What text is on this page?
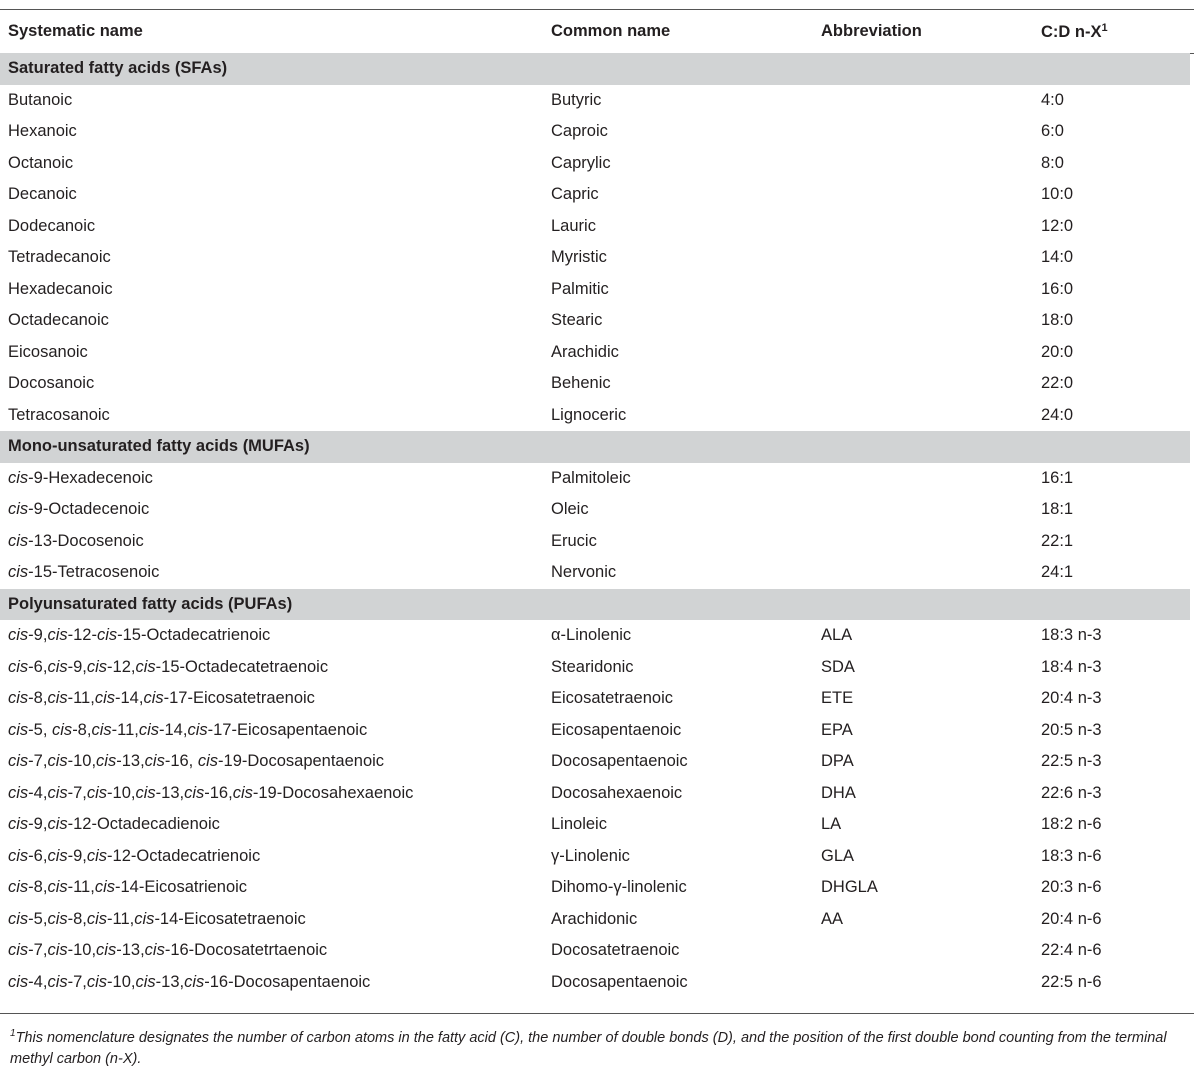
Systematic name	Common name	Abbreviation	C:D $n-X^1$
Saturated fatty acids (SFAs)			
Butanoic	Butyric		4:0
Hexanoic	Caproic		6:0
Octanoic	Caprylic		8:0
Decanoic	Capric		10:0
Dodecanoic	Lauric		12:0
Tetradecanoic	Myristic		14:0
Hexadecanoic	Palmitic		16:0
Octadecanoic	Stearic		18:0
Eicosanoic	Arachidic		20:0
Docosanoic	Behenic		22:0
Tetracosanoic	Lignoceric		24:0
Mono-unsaturated fatty acids (MUFAs)			
cis-9-Hexadecenoic	Palmitoleic		16:1
cis-9-Octadecenoic	Oleic		18:1
cis-13-Docosenoic	Erucic		22:1
cis-15-Tetracosenoic	Nervonic		24:1
Polyunsaturated fatty acids (PUFAs)			
cis-9,cis-12-cis-15-Octadecatrienoic	α-Linolenic	ALA	18:3 n-3
cis-6,cis-9,cis-12,cis-15-Octadecatetraenoic	Stearidonic	SDA	18:4 n-3
cis-8,cis-11,cis-14,cis-17-Eicosatetraenoic	Eicosatetraenoic	ETE	20:4 n-3
cis-5, cis-8,cis-11,cis-14,cis-17-Eicosapentaenoic	Eicosapentaenoic	EPA	20:5 n-3
cis-7,cis-10,cis-13,cis-16, cis-19-Docosapentaenoic	Docosapentaenoic	DPA	22:5 n-3
cis-4,cis-7,cis-10,cis-13,cis-16,cis-19-Docosahexaenoic	Docosahexaenoic	DHA	22:6 n-3
cis-9,cis-12-Octadecadienoic	Linoleic	LA	18:2 n-6
cis-6,cis-9,cis-12-Octadecatrienoic	γ-Linolenic	GLA	18:3 n-6
cis-8,cis-11,cis-14-Eicosatrienoic	Dihomo-γ-linolenic	DHGLA	20:3 n-6
cis-5,cis-8,cis-11,cis-14-Eicosatetraenoic	Arachidonic	AA	20:4 n-6
cis-7,cis-10,cis-13,cis-16-Docosatetrtaenoic	Docosatetraenoic		22:4 n-6
cis-4,cis-7,cis-10,cis-13,cis-16-Docosapentaenoic	Docosapentaenoic		22:5 n-6
$^1$This nomenclature designates the number of carbon atoms in the fatty acid (C), the number of double bonds (D), and the position of the first double bond counting from the terminal methyl carbon (n-X).
